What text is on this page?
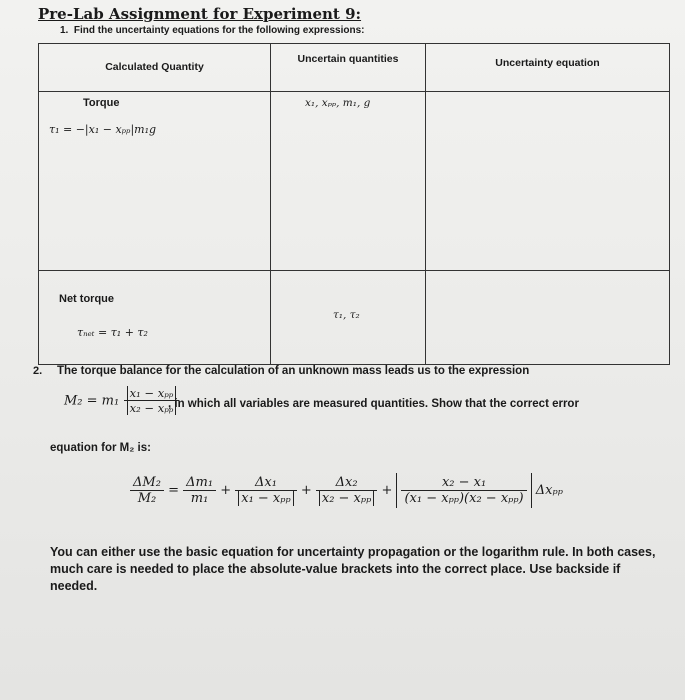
Pre-Lab Assignment for Experiment 9:
1. Find the uncertainty equations for the following expressions:
Calculated Quantity	Uncertain quantities	Uncertainty equation

Torque
τ₁ = −|x₁ − xₚₚ|m₁g	x₁, xₚₚ, m₁, g	

Net torque
τₙₑₜ = τ₁ + τ₂	τ₁, τ₂	

2. The torque balance for the calculation of an unknown mass leads us to the expression
$M_2 = m_1 \frac{\text{x₁ − xₚₚ}}{\text{x₂ − xₚₚ}}$
, in which all variables are measured quantities. Show that the correct error
equation for M₂ is:
$\frac{\text{ΔM₂}}{\text{M₂}} = \frac{\text{Δm₁}}{\text{m₁}} + \frac{\text{Δx₁}}{\text{x₁ − xₚₚ}} + \frac{\text{Δx₂}}{\text{x₂ − xₚₚ}} + \frac{\text{x₂ − x₁}}{\text{(x₁ − xₚₚ)(x₂ − xₚₚ)}}$ Δxₚₚ
You can either use the basic equation for uncertainty propagation or the logarithm rule. In both cases, much care is needed to place the absolute-value brackets into the correct place. Use backside if needed.
